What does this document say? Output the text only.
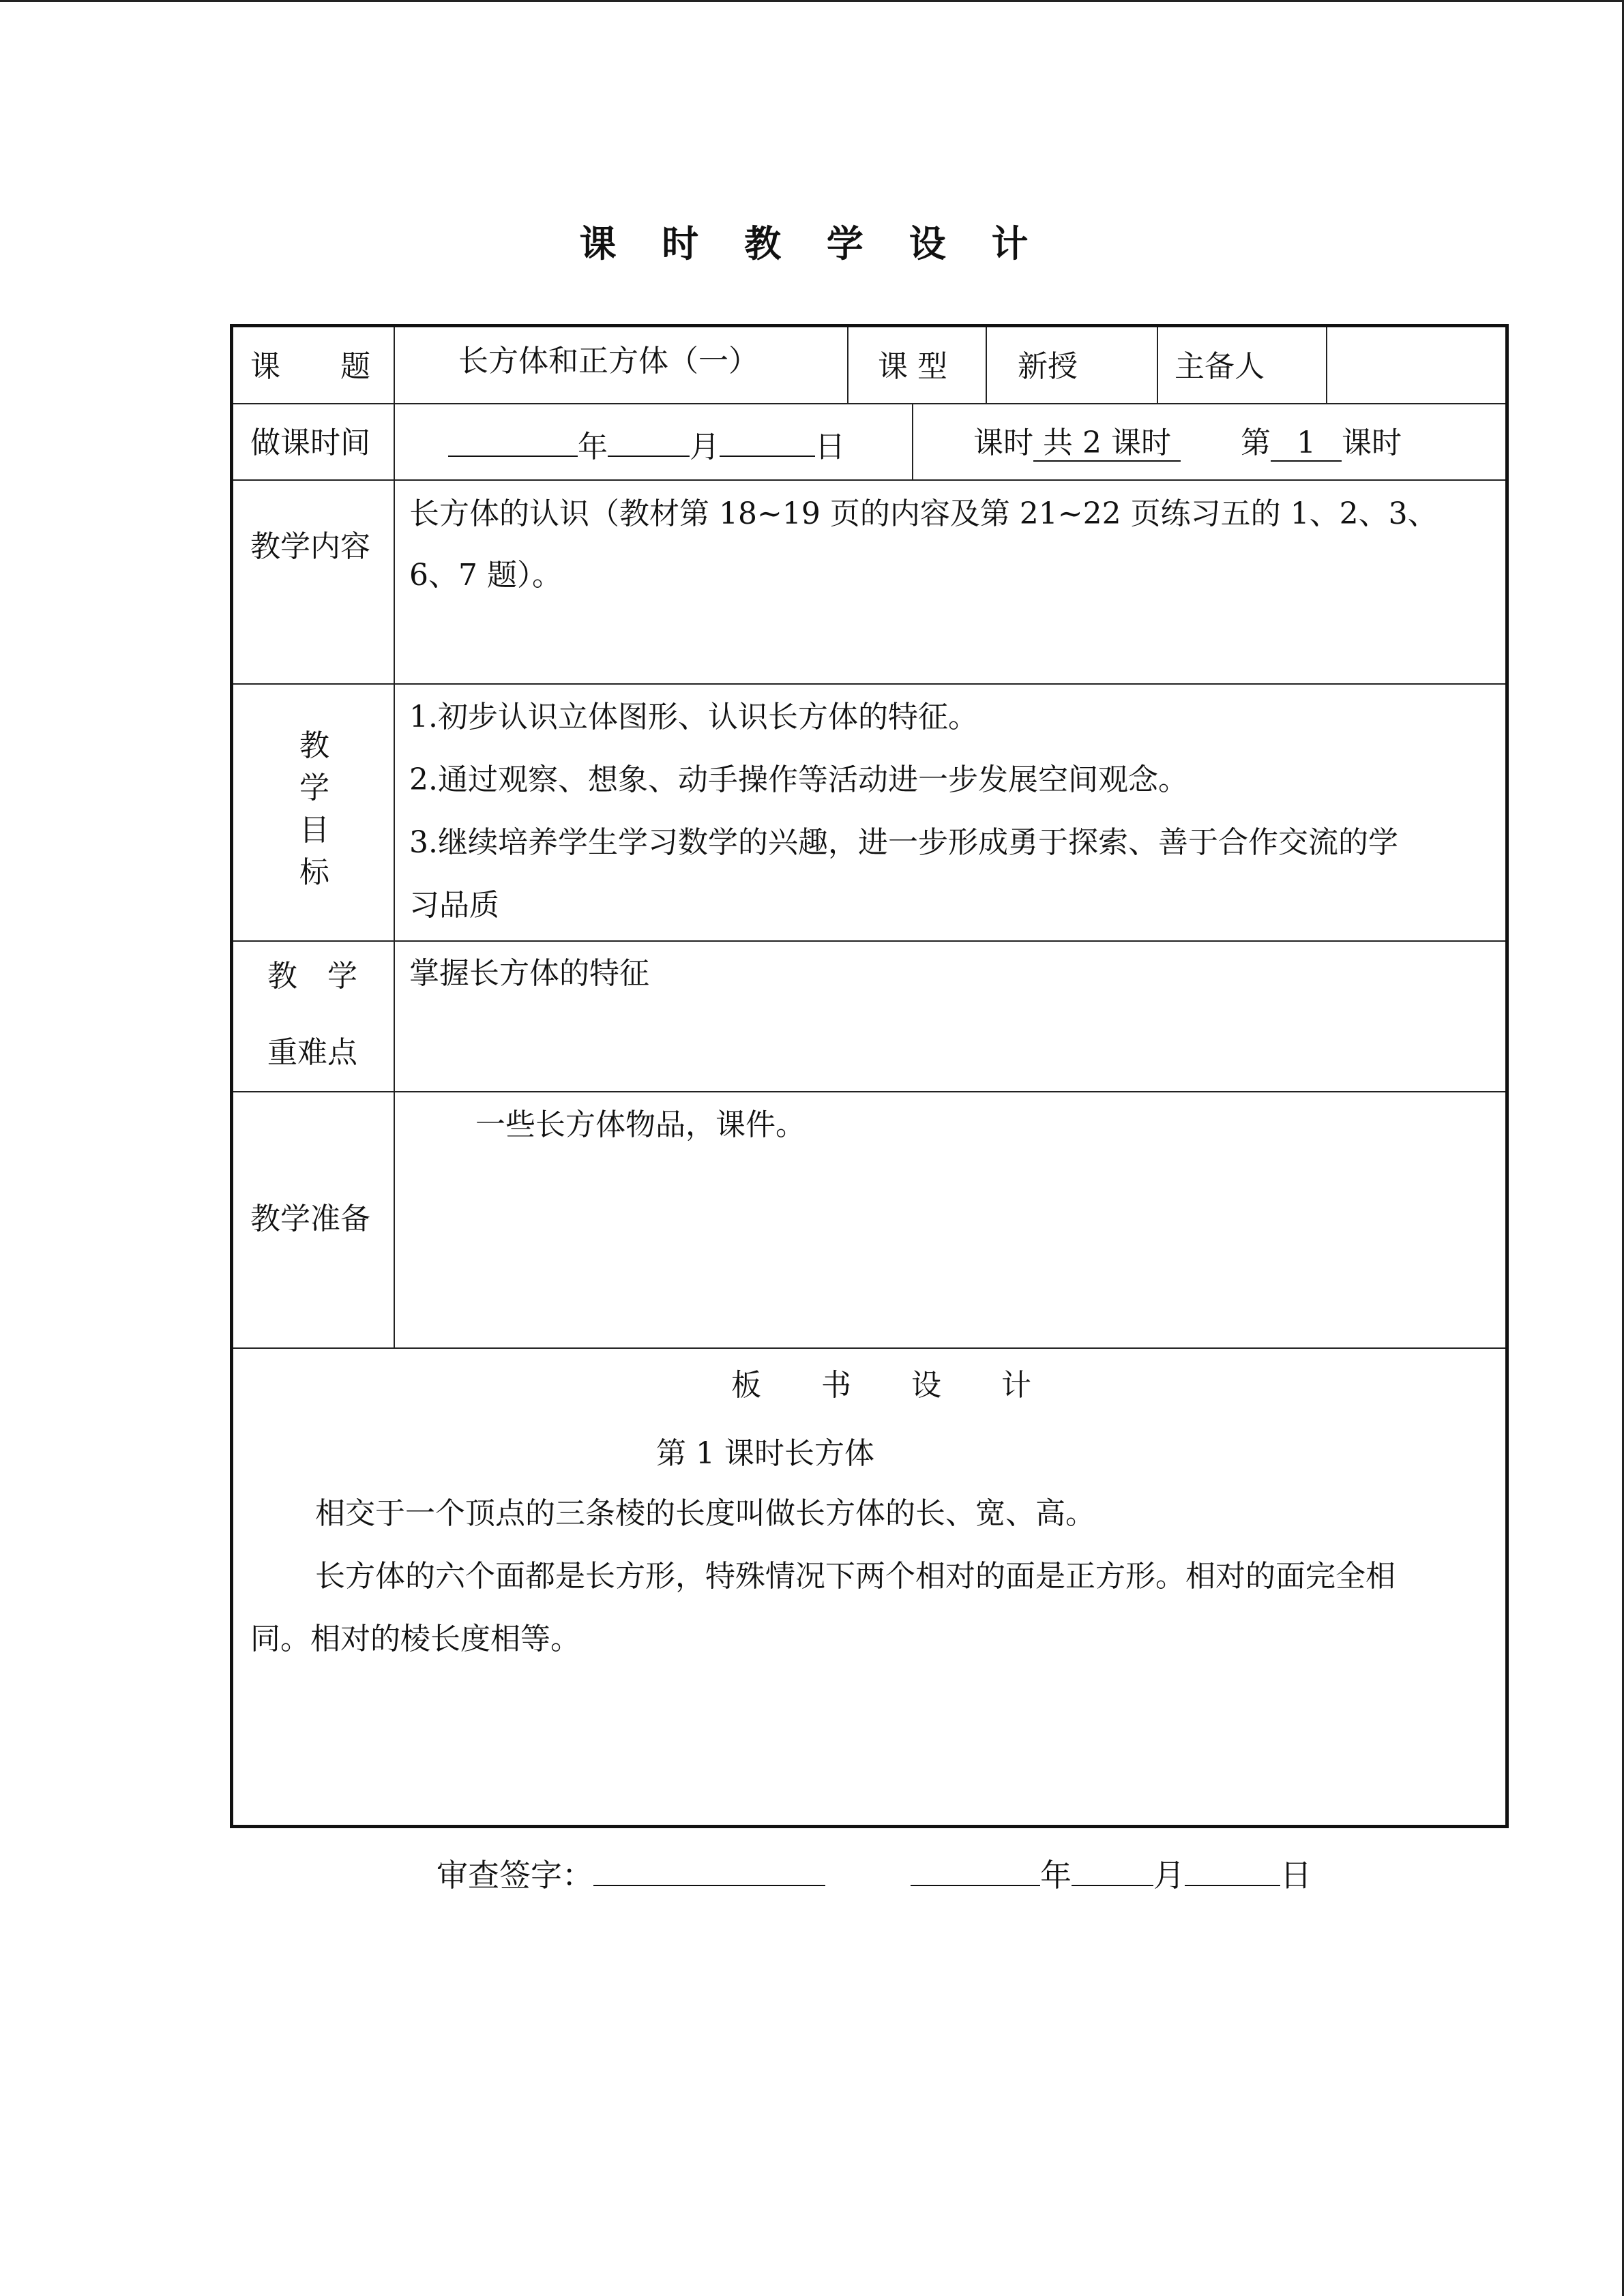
课 时 教 学 设 计
课　　题	长方体和正方体（一）	课 型 新授	主备人
做课时间	年	月	日	课时 共 2 课时 第 1 课时
教学内容
长方体的认识（教材第 18~19 页的内容及第 21~22 页练习五的 1、2、3、
6、7 题）。
教
学
目
标
1.初步认识立体图形、认识长方体的特征。
2.通过观察、想象、动手操作等活动进一步发展空间观念。
3.继续培养学生学习数学的兴趣，进一步形成勇于探索、善于合作交流的学
习品质
教　学
重难点
掌握长方体的特征
教学准备
一些长方体物品，课件。
板　　书　　设　　计
第 1 课时长方体
相交于一个顶点的三条棱的长度叫做长方体的长、宽、高。
长方体的六个面都是长方形，特殊情况下两个相对的面是正方形。相对的面完全相
同。相对的棱长度相等。
审查签字：	年	月	日
